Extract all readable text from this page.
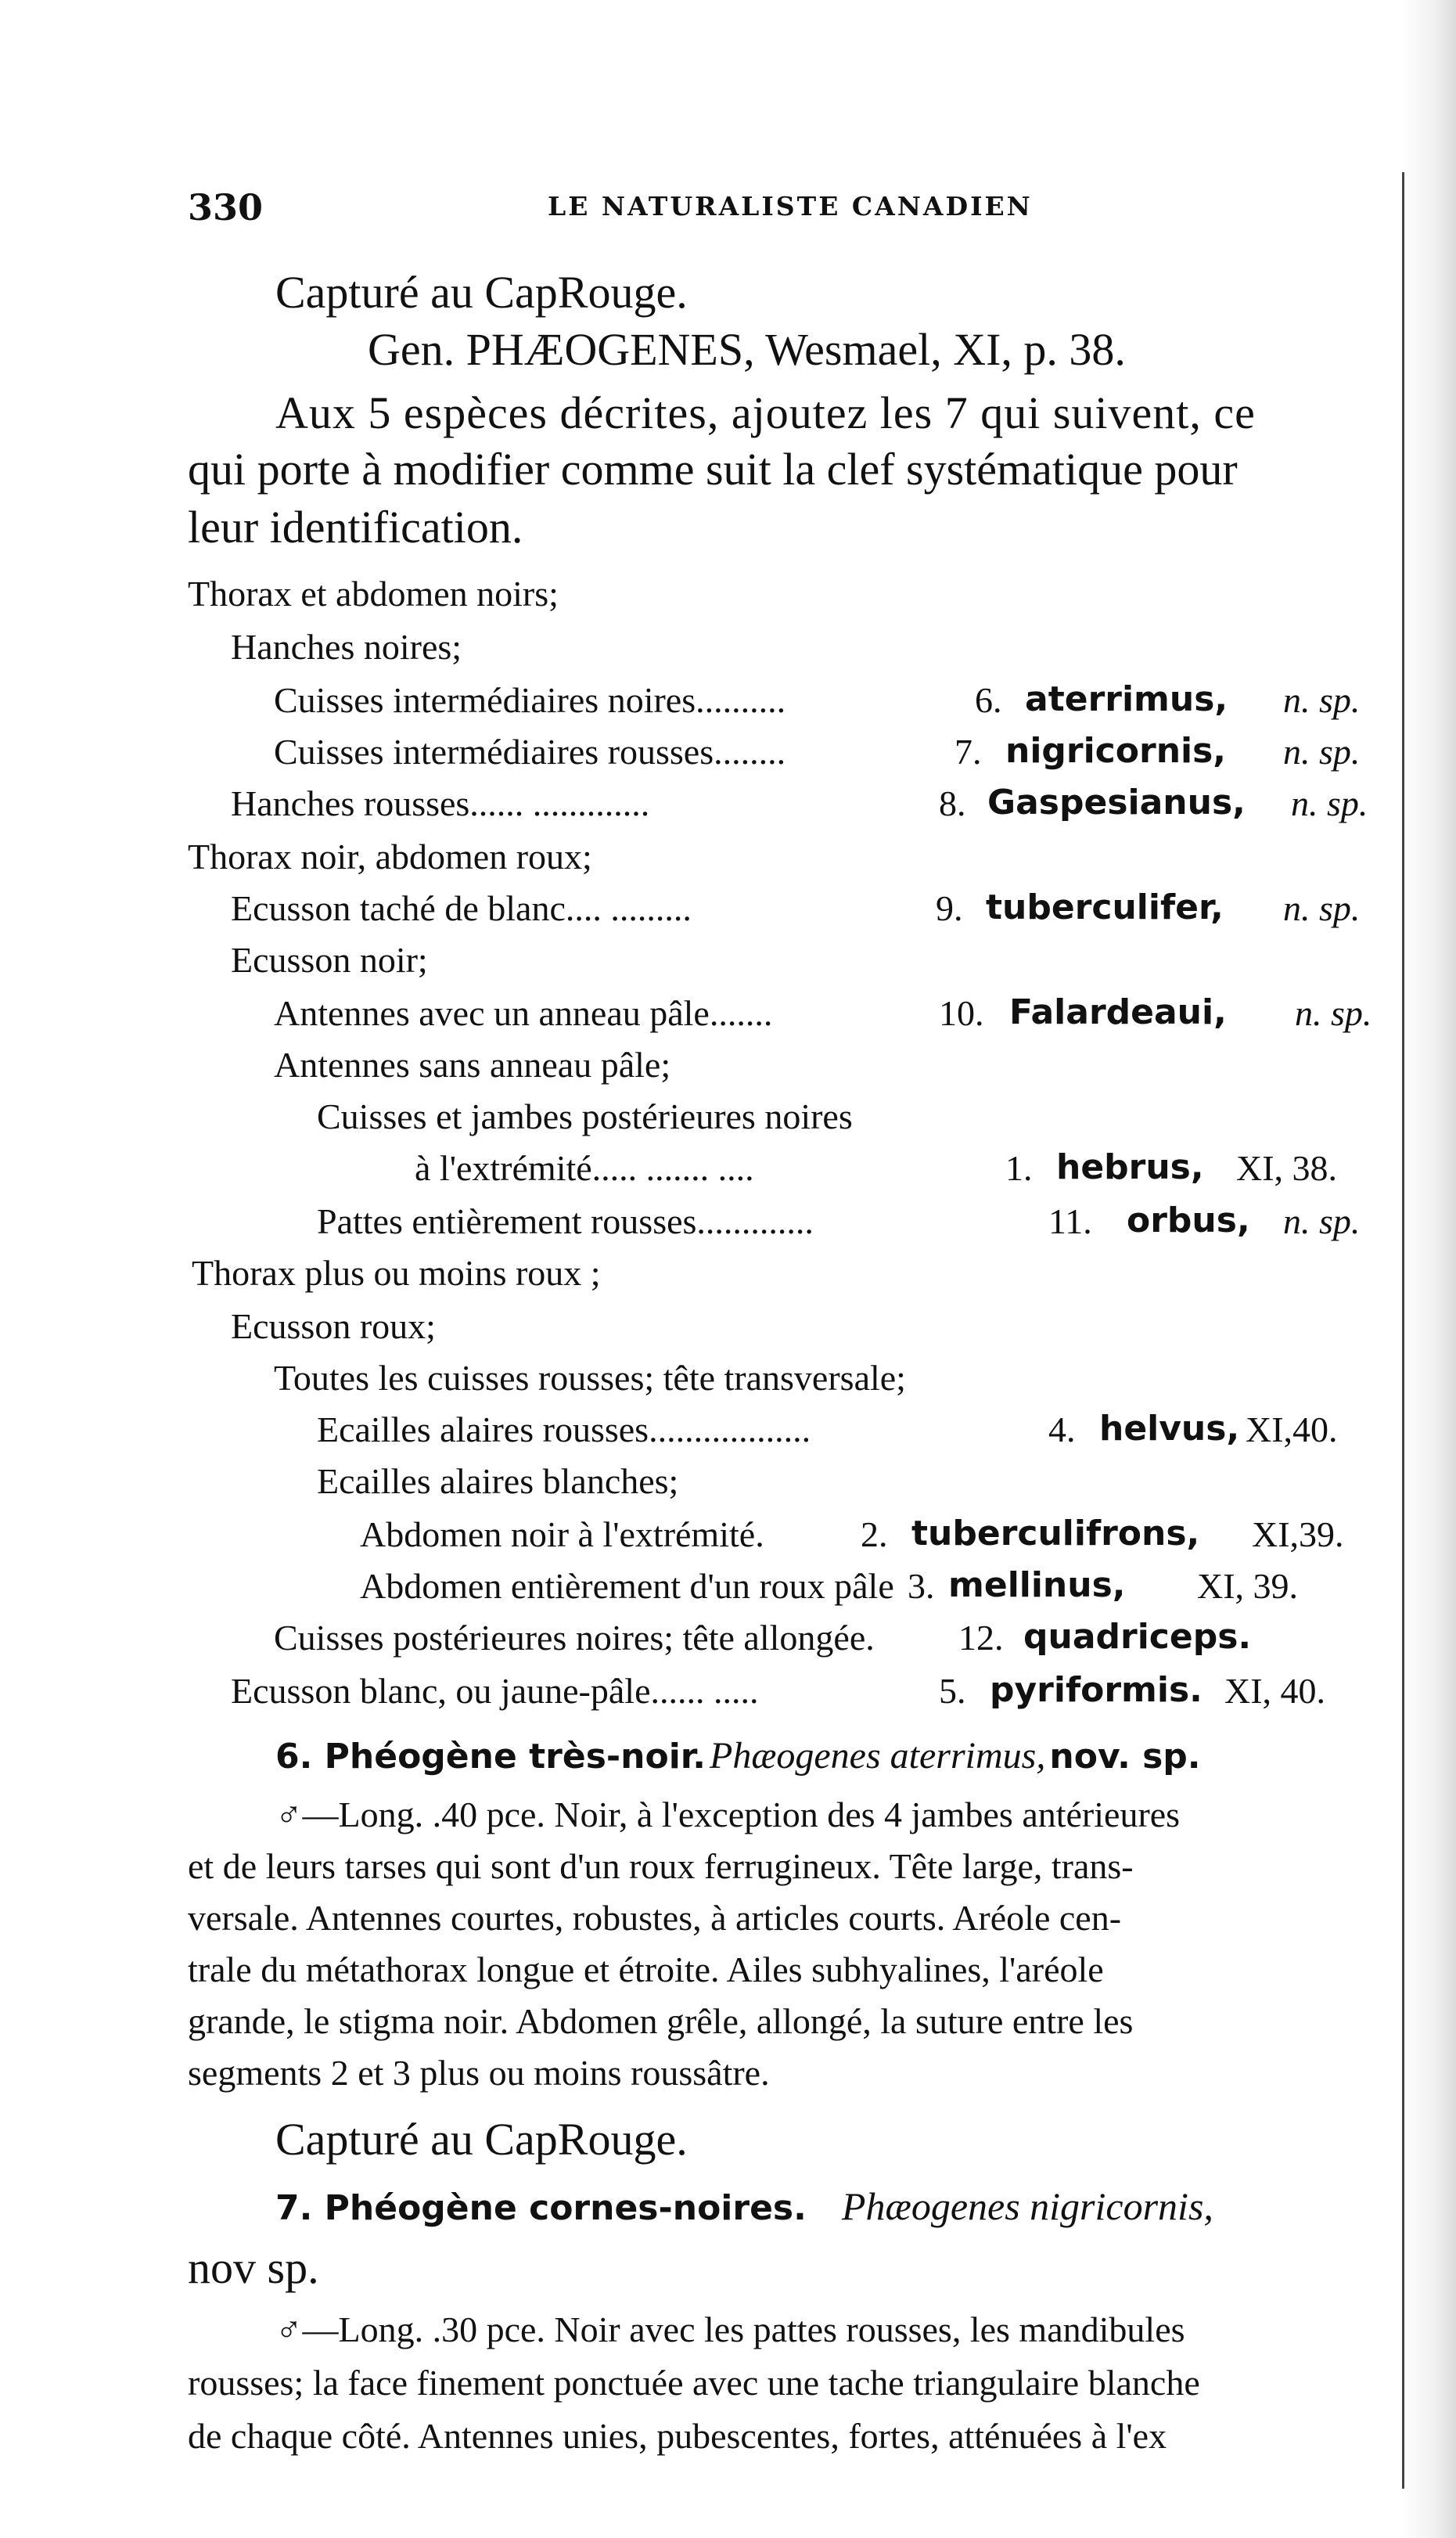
330	LE NATURALISTE CANADIEN
Capturé au CapRouge.
Gen. PHÆOGENES, Wesmael, XI, p. 38.
Aux 5 espèces décrites, ajoutez les 7 qui suivent, ce
qui porte à modifier comme suit la clef systématique pour
leur identification.
Thorax et abdomen noirs;
Hanches noires;
Cuisses intermédiaires noires..........	6. aterrimus, n. sp.
Cuisses intermédiaires rousses........	7. nigricornis, n. sp.
Hanches rousses...... .............	8. Gaspesianus, n. sp.
Thorax noir, abdomen roux;
Ecusson taché de blanc.... .........	9. tuberculifer, n. sp.
Ecusson noir;
Antennes avec un anneau pâle.......	10. Falardeaui, n. sp.
Antennes sans anneau pâle;
Cuisses et jambes postérieures noires
à l'extrémité..... ....... ....	1. hebrus, XI, 38.
Pattes entièrement rousses.............	11. orbus, n. sp.
Thorax plus ou moins roux ;
Ecusson roux;
Toutes les cuisses rousses; tête transversale;
Ecailles alaires rousses..................	4. helvus, XI,40.
Ecailles alaires blanches;
Abdomen noir à l'extrémité.	2. tuberculifrons, XI,39.
Abdomen entièrement d'un roux pâle 3. mellinus, XI, 39.
Cuisses postérieures noires; tête allongée. 12. quadriceps.
Ecusson blanc, ou jaune-pâle...... .....	5. pyriformis. XI, 40.
6. Phéogène très-noir. Phæogenes aterrimus, nov. sp.
♂—Long. .40 pce. Noir, à l'exception des 4 jambes antérieures
et de leurs tarses qui sont d'un roux ferrugineux. Tête large, trans-
versale. Antennes courtes, robustes, à articles courts. Aréole cen-
trale du métathorax longue et étroite. Ailes subhyalines, l'aréole
grande, le stigma noir. Abdomen grêle, allongé, la suture entre les
segments 2 et 3 plus ou moins roussâtre.
Capturé au CapRouge.
7. Phéogène cornes-noires. Phæogenes nigricornis,
nov sp.
♂—Long. .30 pce. Noir avec les pattes rousses, les mandibules
rousses; la face finement ponctuée avec une tache triangulaire blanche
de chaque côté. Antennes unies, pubescentes, fortes, atténuées à l'ex
